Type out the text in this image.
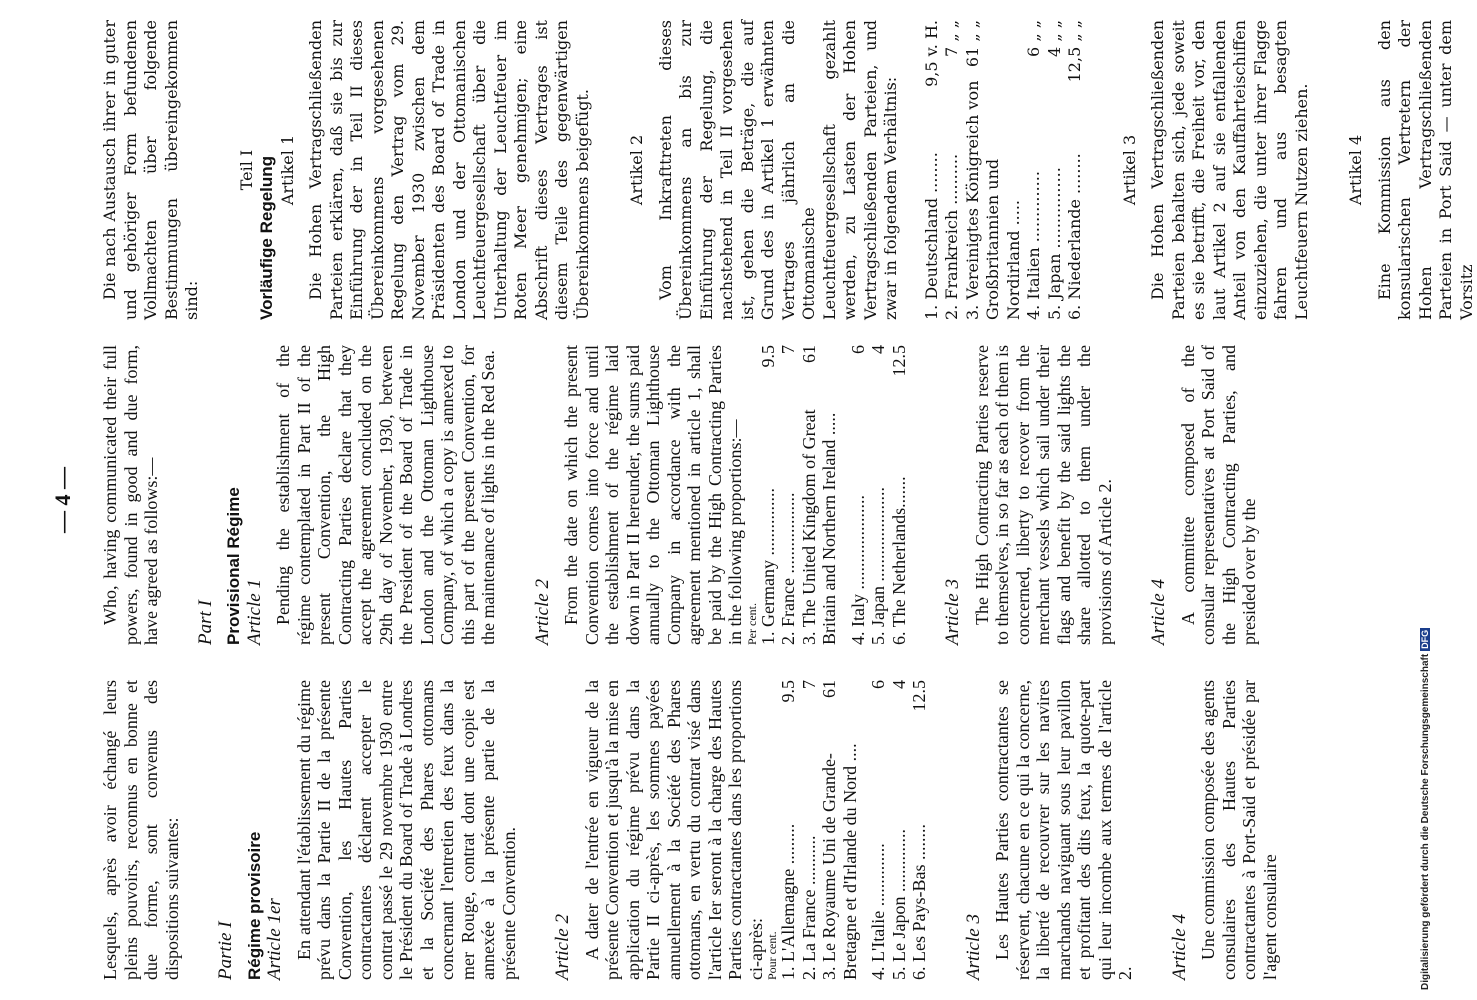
— 4 —

Lesquels, après avoir échangé leurs pleins pouvoirs, reconnus en bonne et due forme, sont convenus des dispositions suivantes: Partie I Régime provisoire Article 1er En attendant l'établissement du régime prévu dans la Partie II de la présente Convention, les Hautes Parties contractantes déclarent accepter le contrat passé le 29 novembre 1930 entre le Président du Board of Trade à Londres et la Société des Phares ottomans concernant l'entretien des feux dans la mer Rouge, contrat dont une copie est annexée à la présente partie de la présente Convention. Article 2 A dater de l'entrée en vigueur de la présente Convention et jusqu'à la mise en application du régime prévu dans la Partie II ci-après, les sommes payées annuellement à la Société des Phares ottomans, en vertu du contrat visé dans l'article Ier seront à la charge des Hautes Parties contractantes dans les proportions ci-après: Pour cent. 1. L'Allemagne .........
9.5
2. La France ...........
7
3. Le Royaume Uni de Grande-Bretagne et d'Irlande du Nord ....
61
4. L'Italie ..............
6
5. Le Japon ..............
4
6. Les Pays-Bas ........
12.5

Article 3 Les Hautes Parties contractantes se réservent, chacune en ce qui la concerne, la liberté de recouvrer sur les navires marchands naviguant sous leur pavillon et profitant des dits feux, la quote-part qui leur incombe aux termes de l'article 2. Article 4 Une commission composée des agents consulaires des Hautes Parties contractantes à Port-Said et présidée par l'agent consulaire

Who, having communicated their full powers, found in good and due form, have agreed as follows:— Part I Provisional Régime Article 1 Pending the establishment of the régime contemplated in Part II of the present Convention, the High Contracting Parties declare that they accept the agreement concluded on the 29th day of November, 1930, between the President of the Board of Trade in London and the Ottoman Lighthouse Company, of which a copy is annexed to this part of the present Convention, for the maintenance of lights in the Red Sea. Article 2 From the date on which the present Convention comes into force and until the establishment of the régime laid down in Part II hereunder, the sums paid annually to the Ottoman Lighthouse Company in accordance with the agreement mentioned in article 1, shall be paid by the High Contracting Parties in the following proportions:— Per cent. 1. Germany ...............
9.5
2. France ..................
7
3. The United Kingdom of Great Britain and Northern Ireland .....
61
4. Italy .....................
6
5. Japan .....................
4
6. The Netherlands.......
12.5

Article 3 The High Contracting Parties reserve to themselves, in so far as each of them is concerned, liberty to recover from the merchant vessels which sail under their flags and benefit by the said lights the share allotted to them under the provisions of Article 2. Article 4 A committee composed of the consular representatives at Port Said of the High Contracting Parties, and presided over by the

Die nach Austausch ihrer in guter und gehöriger Form befundenen Vollmachten über folgende Bestimmungen übereingekommen sind:

Teil I Vorläufige Regelung Artikel 1 Die Hohen Vertragschließenden Parteien erklären, daß sie bis zur Einführung der in Teil II dieses Übereinkommens vorgesehenen Regelung den Vertrag vom 29. November 1930 zwischen dem Präsidenten des Board of Trade in London und der Ottomanischen Leuchtfeuergesellschaft über die Unterhaltung der Leuchtfeuer im Roten Meer genehmigen; eine Abschrift dieses Vertrages ist diesem Teile des gegenwärtigen Übereinkommens beigefügt. Artikel 2 Vom Inkrafttreten dieses Übereinkommens an bis zur Einführung der Regelung, die nachstehend in Teil II vorgesehen ist, gehen die Beträge, die auf Grund des in Artikel 1 erwähnten Vertrages jährlich an die Ottomanische Leuchtfeuergesellschaft gezahlt werden, zu Lasten der Hohen Vertragschließenden Parteien, und zwar in folgendem Verhältnis: 1. Deutschland ........
9,5 v. H.
2. Frankreich ..........
7 „ „
3. Vereinigtes Königreich von Großbritannien und Nordirland .....
61 „ „
4. Italien ..............
6 „ „
5. Japan ................
4 „ „
6. Niederlande ........
12,5 „ „

Artikel 3 Die Hohen Vertragschließenden Parteien behalten sich, jede soweit es sie betrifft, die Freiheit vor, den laut Artikel 2 auf sie entfallenden Anteil von den Kauffahrteischiffen einzuziehen, die unter ihrer Flagge fahren und aus besagten Leuchtfeuern Nutzen ziehen. Artikel 4 Eine Kommission aus den konsularischen Vertretern der Hohen Vertragschließenden Parteien in Port Said — unter dem Vorsitz

Digitalisierung gefördert durch die Deutsche ForschungsgemeinschaftDFG
